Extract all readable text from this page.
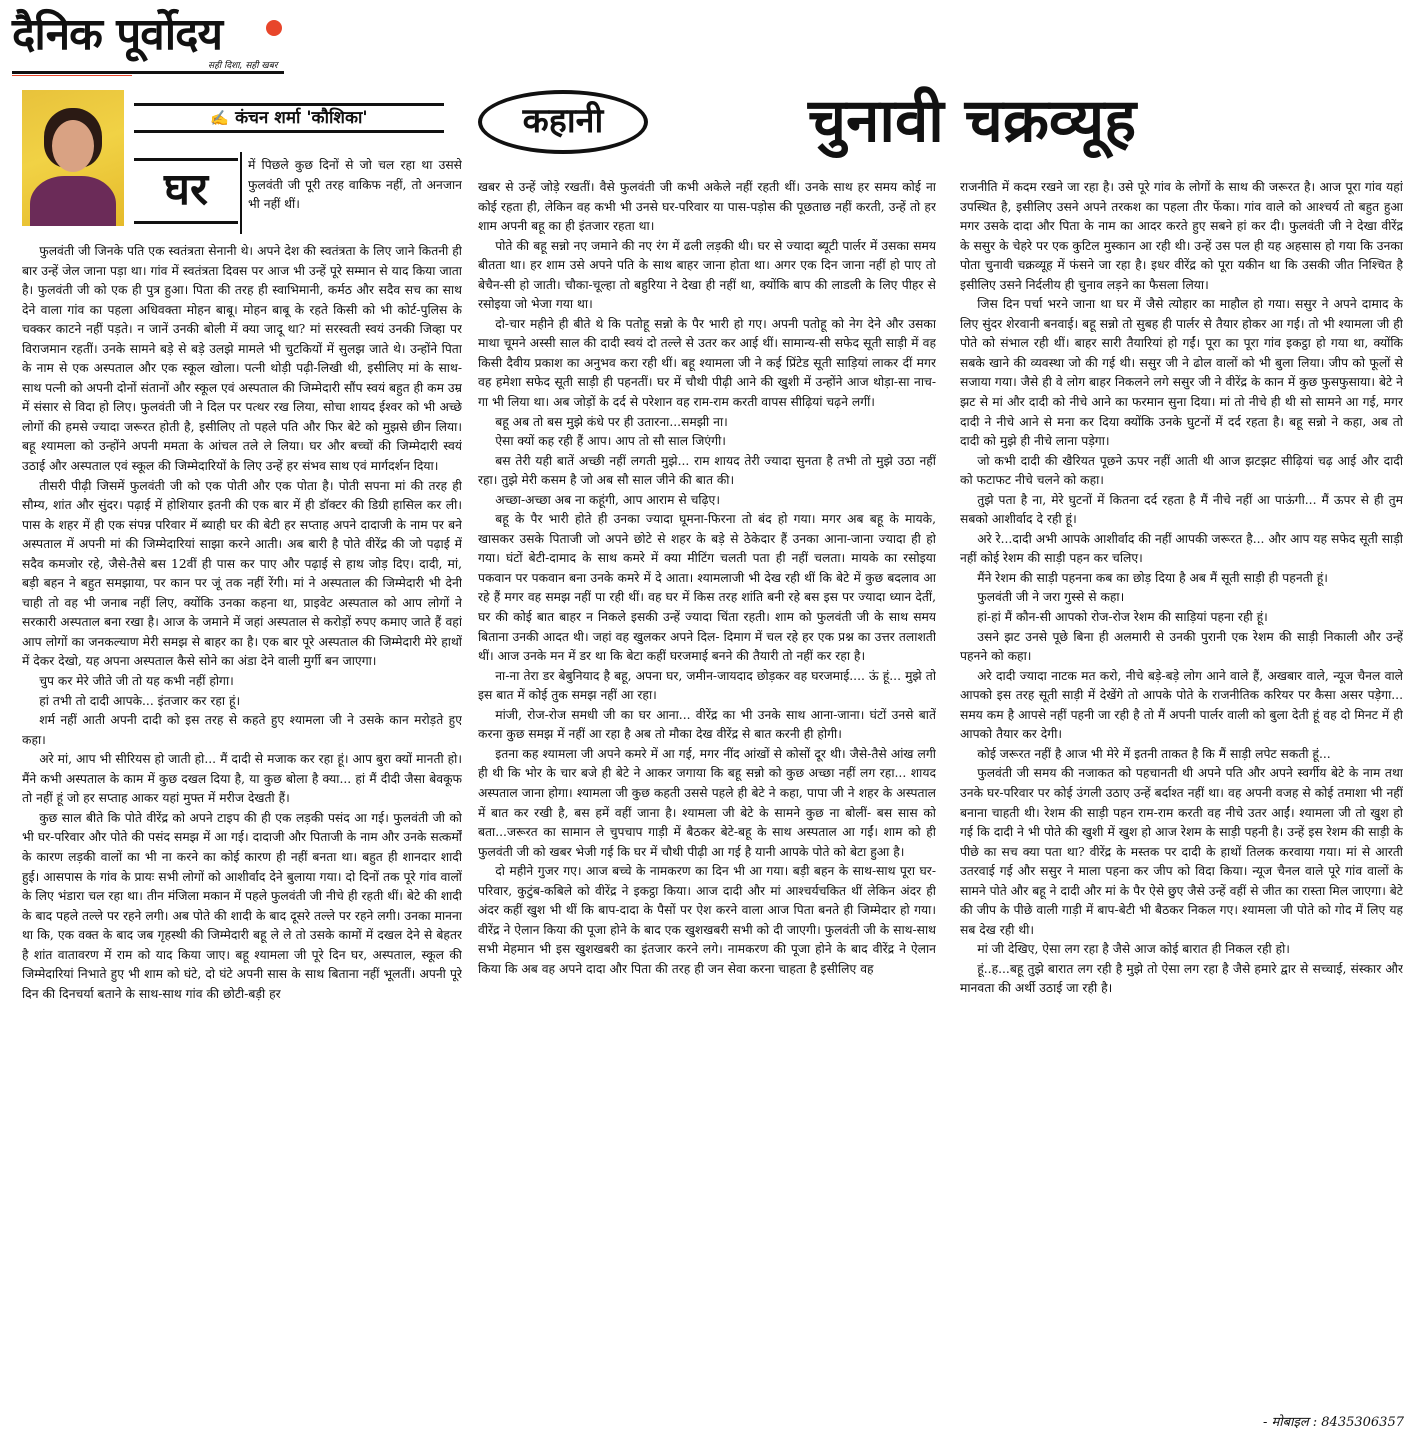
दैनिक पूर्वोदय
सही दिशा, सही खबर
✍ कंचन शर्मा 'कौशिका'	कहानी	चुनावी चक्रव्यूह
घर	में पिछले कुछ दिनों से जो चल रहा था उससे फुलवंती जी पूरी तरह वाकिफ नहीं, तो अनजान भी नहीं थीं।

फुलवंती जी जिनके पति एक स्वतंत्रता सेनानी थे। अपने देश की स्वतंत्रता के लिए जाने कितनी ही बार उन्हें जेल जाना पड़ा था। गांव में स्वतंत्रता दिवस पर आज भी उन्हें पूरे सम्मान से याद किया जाता है। फुलवंती जी को एक ही पुत्र हुआ। पिता की तरह ही स्वाभिमानी, कर्मठ और सदैव सच का साथ देने वाला गांव का पहला अधिवक्ता मोहन बाबू। मोहन बाबू के रहते किसी को भी कोर्ट-पुलिस के चक्कर काटने नहीं पड़ते। न जानें उनकी बोली में क्या जादू था? मां सरस्वती स्वयं उनकी जिव्हा पर विराजमान रहतीं। उनके सामने बड़े से बड़े उलझे मामले भी चुटकियों में सुलझ जाते थे। उन्होंने पिता के नाम से एक अस्पताल और एक स्कूल खोला। पत्नी थोड़ी पढ़ी-लिखी थी, इसीलिए मां के साथ-साथ पत्नी को अपनी दोनों संतानों और स्कूल एवं अस्पताल की जिम्मेदारी सौंप स्वयं बहुत ही कम उम्र में संसार से विदा हो लिए। फुलवंती जी ने दिल पर पत्थर रख लिया, सोचा शायद ईश्वर को भी अच्छे लोगों की हमसे ज्यादा जरूरत होती है, इसीलिए तो पहले पति और फिर बेटे को मुझसे छीन लिया। बहू श्यामला को उन्होंने अपनी ममता के आंचल तले ले लिया। घर और बच्चों की जिम्मेदारी स्वयं उठाई और अस्पताल एवं स्कूल की जिम्मेदारियों के लिए उन्हें हर संभव साथ एवं मार्गदर्शन दिया।

तीसरी पीढ़ी जिसमें फुलवंती जी को एक पोती और एक पोता है। पोती सपना मां की तरह ही सौम्य, शांत और सुंदर। पढ़ाई में होशियार इतनी की एक बार में ही डॉक्टर की डिग्री हासिल कर ली। पास के शहर में ही एक संपन्न परिवार में ब्याही घर की बेटी हर सप्ताह अपने दादाजी के नाम पर बने अस्पताल में अपनी मां की जिम्मेदारियां साझा करने आती। अब बारी है पोते वीरेंद्र की जो पढ़ाई में सदैव कमजोर रहे, जैसे-तैसे बस 12वीं ही पास कर पाए और पढ़ाई से हाथ जोड़ दिए। दादी, मां, बड़ी बहन ने बहुत समझाया, पर कान पर जूं तक नहीं रेंगी। मां ने अस्पताल की जिम्मेदारी भी देनी चाही तो वह भी जनाब नहीं लिए, क्योंकि उनका कहना था, प्राइवेट अस्पताल को आप लोगों ने सरकारी अस्पताल बना रखा है। आज के जमाने में जहां अस्पताल से करोड़ों रुपए कमाए जाते हैं वहां आप लोगों का जनकल्याण मेरी समझ से बाहर का है। एक बार पूरे अस्पताल की जिम्मेदारी मेरे हाथों में देकर देखो, यह अपना अस्पताल कैसे सोने का अंडा देने वाली मुर्गी बन जाएगा।

चुप कर मेरे जीते जी तो यह कभी नहीं होगा।

हां तभी तो दादी आपके... इंतजार कर रहा हूं।

शर्म नहीं आती अपनी दादी को इस तरह से कहते हुए श्यामला जी ने उसके कान मरोड़ते हुए कहा।

अरे मां, आप भी सीरियस हो जाती हो... मैं दादी से मजाक कर रहा हूं। आप बुरा क्यों मानती हो। मैंने कभी अस्पताल के काम में कुछ दखल दिया है, या कुछ बोला है क्या... हां मैं दीदी जैसा बेवकूफ तो नहीं हूं जो हर सप्ताह आकर यहां मुफ्त में मरीज देखती हैं।

कुछ साल बीते कि पोते वीरेंद्र को अपने टाइप की ही एक लड़की पसंद आ गई। फुलवंती जी को भी घर-परिवार और पोते की पसंद समझ में आ गई। दादाजी और पिताजी के नाम और उनके सत्कर्मों के कारण लड़की वालों का भी ना करने का कोई कारण ही नहीं बनता था। बहुत ही शानदार शादी हुई। आसपास के गांव के प्रायः सभी लोगों को आशीर्वाद देने बुलाया गया। दो दिनों तक पूरे गांव वालों के लिए भंडारा चल रहा था। तीन मंजिला मकान में पहले फुलवंती जी नीचे ही रहती थीं। बेटे की शादी के बाद पहले तल्ले पर रहने लगी। अब पोते की शादी के बाद दूसरे तल्ले पर रहने लगी। उनका मानना था कि, एक वक्त के बाद जब गृहस्थी की जिम्मेदारी बहू ले ले तो उसके कामों में दखल देने से बेहतर है शांत वातावरण में राम को याद किया जाए। बहू श्यामला जी पूरे दिन घर, अस्पताल, स्कूल की जिम्मेदारियां निभाते हुए भी शाम को घंटे, दो घंटे अपनी सास के साथ बिताना नहीं भूलतीं। अपनी पूरे दिन की दिनचर्या बताने के साथ-साथ गांव की छोटी-बड़ी हर

खबर से उन्हें जोड़े रखतीं। वैसे फुलवंती जी कभी अकेले नहीं रहती थीं। उनके साथ हर समय कोई ना कोई रहता ही, लेकिन वह कभी भी उनसे घर-परिवार या पास-पड़ोस की पूछताछ नहीं करती, उन्हें तो हर शाम अपनी बहू का ही इंतजार रहता था।

पोते की बहू सन्नो नए जमाने की नए रंग में ढली लड़की थी। घर से ज्यादा ब्यूटी पार्लर में उसका समय बीतता था। हर शाम उसे अपने पति के साथ बाहर जाना होता था। अगर एक दिन जाना नहीं हो पाए तो बेचैन-सी हो जाती। चौका-चूल्हा तो बहुरिया ने देखा ही नहीं था, क्योंकि बाप की लाडली के लिए पीहर से रसोइया जो भेजा गया था।

दो-चार महीने ही बीते थे कि पतोहू सन्नो के पैर भारी हो गए। अपनी पतोहू को नेग देने और उसका माथा चूमने अस्सी साल की दादी स्वयं दो तल्ले से उतर कर आई थीं। सामान्य-सी सफेद सूती साड़ी में वह किसी दैवीय प्रकाश का अनुभव करा रही थीं। बहू श्यामला जी ने कई प्रिंटेड सूती साड़ियां लाकर दीं मगर वह हमेशा सफेद सूती साड़ी ही पहनतीं। घर में चौथी पीढ़ी आने की खुशी में उन्होंने आज थोड़ा-सा नाच-गा भी लिया था। अब जोड़ों के दर्द से परेशान वह राम-राम करती वापस सीढ़ियां चढ़ने लगीं।

बहू अब तो बस मुझे कंधे पर ही उतारना...समझी ना।

ऐसा क्यों कह रही हैं आप। आप तो सौ साल जिएंगी।

बस तेरी यही बातें अच्छी नहीं लगती मुझे... राम शायद तेरी ज्यादा सुनता है तभी तो मुझे उठा नहीं रहा। तुझे मेरी कसम है जो अब सौ साल जीने की बात की।

अच्छा-अच्छा अब ना कहूंगी, आप आराम से चढ़िए।

बहू के पैर भारी होते ही उनका ज्यादा घूमना-फिरना तो बंद हो गया। मगर अब बहू के मायके, खासकर उसके पिताजी जो अपने छोटे से शहर के बड़े से ठेकेदार हैं उनका आना-जाना ज्यादा ही हो गया। घंटों बेटी-दामाद के साथ कमरे में क्या मीटिंग चलती पता ही नहीं चलता। मायके का रसोइया पकवान पर पकवान बना उनके कमरे में दे आता। श्यामलाजी भी देख रही थीं कि बेटे में कुछ बदलाव आ रहे हैं मगर वह समझ नहीं पा रही थीं। वह घर में किस तरह शांति बनी रहे बस इस पर ज्यादा ध्यान देतीं, घर की कोई बात बाहर न निकले इसकी उन्हें ज्यादा चिंता रहती। शाम को फुलवंती जी के साथ समय बिताना उनकी आदत थी। जहां वह खुलकर अपने दिल- दिमाग में चल रहे हर एक प्रश्न का उत्तर तलाशती थीं। आज उनके मन में डर था कि बेटा कहीं घरजमाई बनने की तैयारी तो नहीं कर रहा है।

ना-ना तेरा डर बेबुनियाद है बहू, अपना घर, जमीन-जायदाद छोड़कर वह घरजमाई.... ऊं हूं... मुझे तो इस बात में कोई तुक समझ नहीं आ रहा।

मांजी, रोज-रोज समधी जी का घर आना... वीरेंद्र का भी उनके साथ आना-जाना। घंटों उनसे बातें करना कुछ समझ में नहीं आ रहा है अब तो मौका देख वीरेंद्र से बात करनी ही होगी।

इतना कह श्यामला जी अपने कमरे में आ गई, मगर नींद आंखों से कोसों दूर थी। जैसे-तैसे आंख लगी ही थी कि भोर के चार बजे ही बेटे ने आकर जगाया कि बहू सन्नो को कुछ अच्छा नहीं लग रहा... शायद अस्पताल जाना होगा। श्यामला जी कुछ कहती उससे पहले ही बेटे ने कहा, पापा जी ने शहर के अस्पताल में बात कर रखी है, बस हमें वहीं जाना है। श्यामला जी बेटे के सामने कुछ ना बोलीं- बस सास को बता...जरूरत का सामान ले चुपचाप गाड़ी में बैठकर बेटे-बहू के साथ अस्पताल आ गईं। शाम को ही फुलवंती जी को खबर भेजी गई कि घर में चौथी पीढ़ी आ गई है यानी आपके पोते को बेटा हुआ है।

दो महीने गुजर गए। आज बच्चे के नामकरण का दिन भी आ गया। बड़ी बहन के साथ-साथ पूरा घर-परिवार, कुटुंब-कबिले को वीरेंद्र ने इकट्ठा किया। आज दादी और मां आश्चर्यचकित थीं लेकिन अंदर ही अंदर कहीं खुश भी थीं कि बाप-दादा के पैसों पर ऐश करने वाला आज पिता बनते ही जिम्मेदार हो गया। वीरेंद्र ने ऐलान किया की पूजा होने के बाद एक खुशखबरी सभी को दी जाएगी। फुलवंती जी के साथ-साथ सभी मेहमान भी इस खुशखबरी का इंतजार करने लगे। नामकरण की पूजा होने के बाद वीरेंद्र ने ऐलान किया कि अब वह अपने दादा और पिता की तरह ही जन सेवा करना चाहता है इसीलिए वह

राजनीति में कदम रखने जा रहा है। उसे पूरे गांव के लोगों के साथ की जरूरत है। आज पूरा गांव यहां उपस्थित है, इसीलिए उसने अपने तरकश का पहला तीर फेंका। गांव वाले को आश्चर्य तो बहुत हुआ मगर उसके दादा और पिता के नाम का आदर करते हुए सबने हां कर दी। फुलवंती जी ने देखा वीरेंद्र के ससुर के चेहरे पर एक कुटिल मुस्कान आ रही थी। उन्हें उस पल ही यह अहसास हो गया कि उनका पोता चुनावी चक्रव्यूह में फंसने जा रहा है। इधर वीरेंद्र को पूरा यकीन था कि उसकी जीत निश्चित है इसीलिए उसने निर्दलीय ही चुनाव लड़ने का फैसला लिया।

जिस दिन पर्चा भरने जाना था घर में जैसे त्योहार का माहौल हो गया। ससुर ने अपने दामाद के लिए सुंदर शेरवानी बनवाई। बहू सन्नो तो सुबह ही पार्लर से तैयार होकर आ गई। तो भी श्यामला जी ही पोते को संभाल रही थीं। बाहर सारी तैयारियां हो गईं। पूरा का पूरा गांव इकट्ठा हो गया था, क्योंकि सबके खाने की व्यवस्था जो की गई थी। ससुर जी ने ढोल वालों को भी बुला लिया। जीप को फूलों से सजाया गया। जैसे ही वे लोग बाहर निकलने लगे ससुर जी ने वीरेंद्र के कान में कुछ फुसफुसाया। बेटे ने झट से मां और दादी को नीचे आने का फरमान सुना दिया। मां तो नीचे ही थी सो सामने आ गई, मगर दादी ने नीचे आने से मना कर दिया क्योंकि उनके घुटनों में दर्द रहता है। बहू सन्नो ने कहा, अब तो दादी को मुझे ही नीचे लाना पड़ेगा।

जो कभी दादी की खैरियत पूछने ऊपर नहीं आती थी आज झटझट सीढ़ियां चढ़ आई और दादी को फटाफट नीचे चलने को कहा।

तुझे पता है ना, मेरे घुटनों में कितना दर्द रहता है मैं नीचे नहीं आ पाऊंगी... मैं ऊपर से ही तुम सबको आशीर्वाद दे रही हूं।

अरे रे...दादी अभी आपके आशीर्वाद की नहीं आपकी जरूरत है... और आप यह सफेद सूती साड़ी नहीं कोई रेशम की साड़ी पहन कर चलिए।

मैंने रेशम की साड़ी पहनना कब का छोड़ दिया है अब मैं सूती साड़ी ही पहनती हूं।

फुलवंती जी ने जरा गुस्से से कहा।

हां-हां मैं कौन-सी आपको रोज-रोज रेशम की साड़ियां पहना रही हूं।

उसने झट उनसे पूछे बिना ही अलमारी से उनकी पुरानी एक रेशम की साड़ी निकाली और उन्हें पहनने को कहा।

अरे दादी ज्यादा नाटक मत करो, नीचे बड़े-बड़े लोग आने वाले हैं, अखबार वाले, न्यूज चैनल वाले आपको इस तरह सूती साड़ी में देखेंगे तो आपके पोते के राजनीतिक करियर पर कैसा असर पड़ेगा... समय कम है आपसे नहीं पहनी जा रही है तो मैं अपनी पार्लर वाली को बुला देती हूं वह दो मिनट में ही आपको तैयार कर देगी।

कोई जरूरत नहीं है आज भी मेरे में इतनी ताकत है कि मैं साड़ी लपेट सकती हूं...

फुलवंती जी समय की नजाकत को पहचानती थी अपने पति और अपने स्वर्गीय बेटे के नाम तथा उनके घर-परिवार पर कोई उंगली उठाए उन्हें बर्दाश्त नहीं था। वह अपनी वजह से कोई तमाशा भी नहीं बनाना चाहती थी। रेशम की साड़ी पहन राम-राम करती वह नीचे उतर आईं। श्यामला जी तो खुश हो गई कि दादी ने भी पोते की खुशी में खुश हो आज रेशम के साड़ी पहनी है। उन्हें इस रेशम की साड़ी के पीछे का सच क्या पता था? वीरेंद्र के मस्तक पर दादी के हाथों तिलक करवाया गया। मां से आरती उतरवाई गई और ससुर ने माला पहना कर जीप को विदा किया। न्यूज चैनल वाले पूरे गांव वालों के सामने पोते और बहू ने दादी और मां के पैर ऐसे छुए जैसे उन्हें वहीं से जीत का रास्ता मिल जाएगा। बेटे की जीप के पीछे वाली गाड़ी में बाप-बेटी भी बैठकर निकल गए। श्यामला जी पोते को गोद में लिए यह सब देख रही थी।

मां जी देखिए, ऐसा लग रहा है जैसे आज कोई बारात ही निकल रही हो।

हूं..ह...बहू तुझे बारात लग रही है मुझे तो ऐसा लग रहा है जैसे हमारे द्वार से सच्चाई, संस्कार और मानवता की अर्थी उठाई जा रही है।

- मोबाइल : 8435306357
